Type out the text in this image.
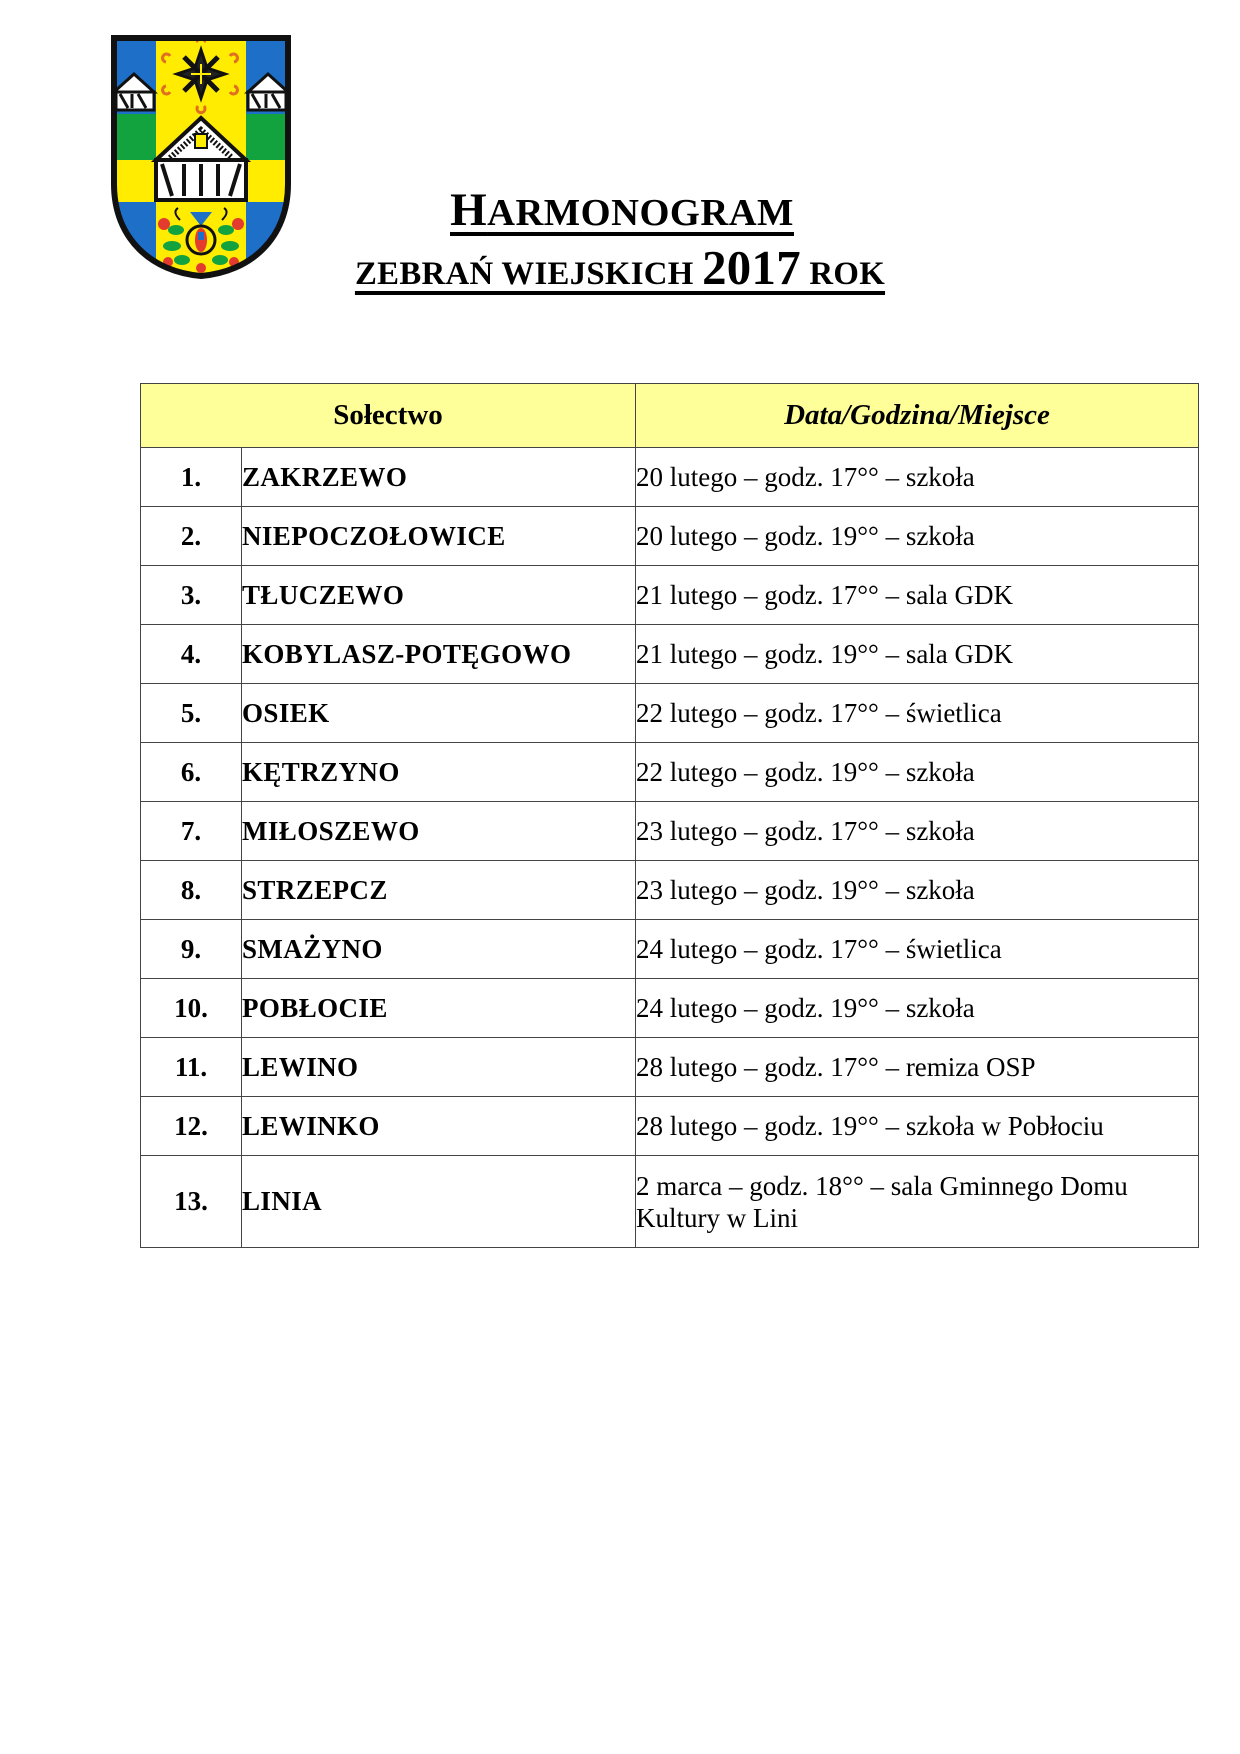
HARMONOGRAM
ZEBRAŃ WIEJSKICH 2017 ROK
Sołectwo		Data/Godzina/Miejsce
1.	ZAKRZEWO	20 lutego – godz. 17°° – szkoła
2.	NIEPOCZOŁOWICE	20 lutego – godz. 19°° – szkoła
3.	TŁUCZEWO	21 lutego – godz. 17°° – sala GDK
4.	KOBYLASZ-POTĘGOWO	21 lutego – godz. 19°° – sala GDK
5.	OSIEK	22 lutego – godz. 17°° – świetlica
6.	KĘTRZYNO	22 lutego – godz. 19°° – szkoła
7.	MIŁOSZEWO	23 lutego – godz. 17°° – szkoła
8.	STRZEPCZ	23 lutego – godz. 19°° – szkoła
9.	SMAŻYNO	24 lutego – godz. 17°° – świetlica
10.	POBŁOCIE	24 lutego – godz. 19°° – szkoła
11.	LEWINO	28 lutego – godz. 17°° – remiza OSP
12.	LEWINKO	28 lutego – godz. 19°° – szkoła w Pobłociu
13.	LINIA	2 marca – godz. 18°° – sala Gminnego Domu Kultury w Lini
